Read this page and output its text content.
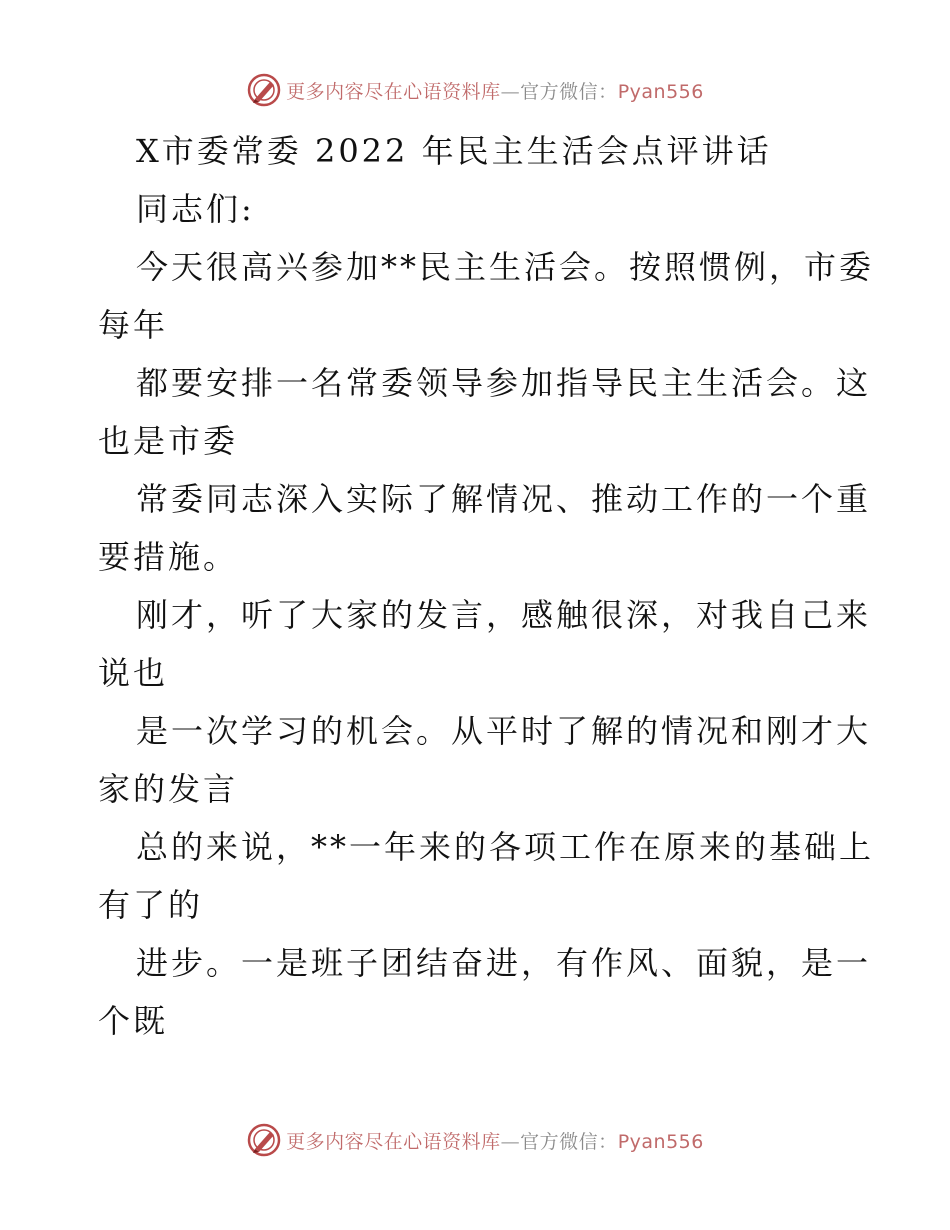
更多内容尽在心语资料库—官方微信：Pyan556
X市委常委 2022 年民主生活会点评讲话
同志们:
今天很高兴参加**民主生活会。按照惯例，市委
每年
都要安排一名常委领导参加指导民主生活会。这
也是市委
常委同志深入实际了解情况、推动工作的一个重
要措施。
刚才，听了大家的发言，感触很深，对我自己来
说也
是一次学习的机会。从平时了解的情况和刚才大
家的发言
总的来说，**一年来的各项工作在原来的基础上
有了的
进步。一是班子团结奋进，有作风、面貌，是一
个既
更多内容尽在心语资料库—官方微信：Pyan556
